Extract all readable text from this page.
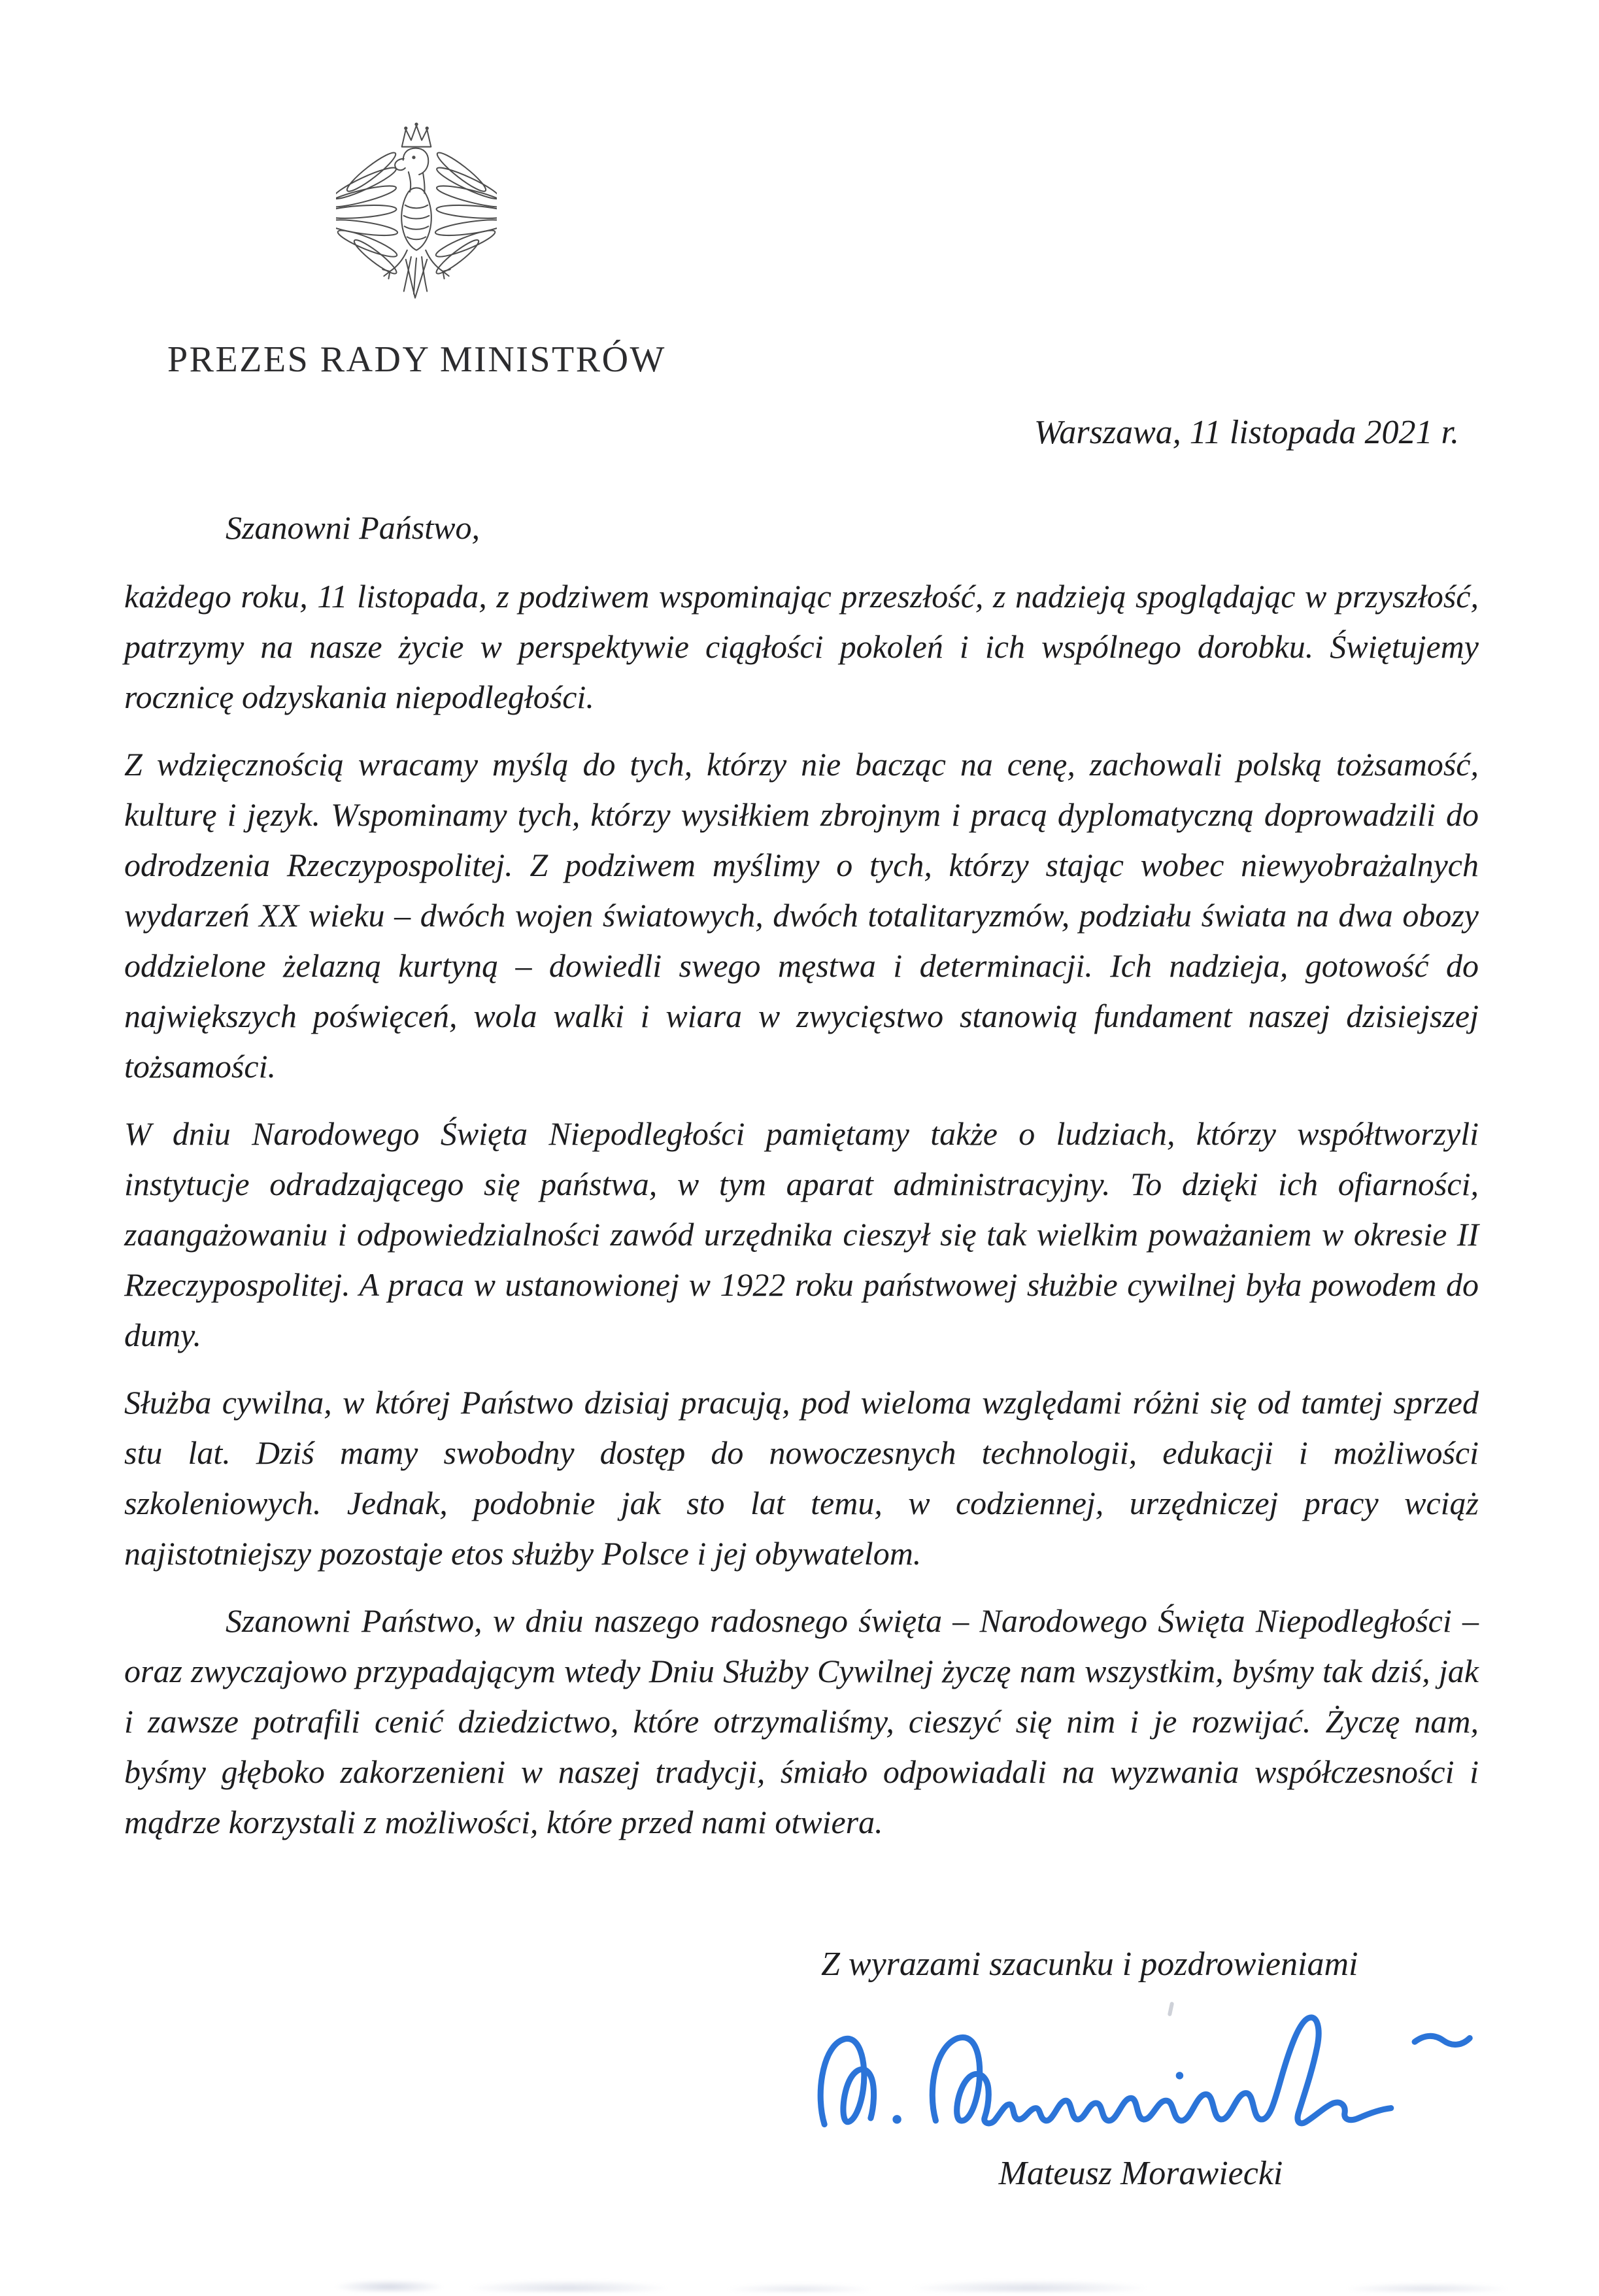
PREZES RADY MINISTRÓW
Warszawa, 11 listopada 2021 r.
Szanowni Państwo,

każdego roku, 11 listopada, z podziwem wspominając przeszłość, z nadzieją spoglądając w przyszłość, patrzymy na nasze życie w perspektywie ciągłości pokoleń i ich wspólnego dorobku. Świętujemy rocznicę odzyskania niepodległości.

Z wdzięcznością wracamy myślą do tych, którzy nie bacząc na cenę, zachowali polską tożsamość, kulturę i język. Wspominamy tych, którzy wysiłkiem zbrojnym i pracą dyplomatyczną doprowadzili do odrodzenia Rzeczypospolitej. Z podziwem myślimy o tych, którzy stając wobec niewyobrażalnych wydarzeń XX wieku – dwóch wojen światowych, dwóch totalitaryzmów, podziału świata na dwa obozy oddzielone żelazną kurtyną – dowiedli swego męstwa i determinacji. Ich nadzieja, gotowość do największych poświęceń, wola walki i wiara w zwycięstwo stanowią fundament naszej dzisiejszej tożsamości.

W dniu Narodowego Święta Niepodległości pamiętamy także o ludziach, którzy współtworzyli instytucje odradzającego się państwa, w tym aparat administracyjny. To dzięki ich ofiarności, zaangażowaniu i odpowiedzialności zawód urzędnika cieszył się tak wielkim poważaniem w okresie II Rzeczypospolitej. A praca w ustanowionej w 1922 roku państwowej służbie cywilnej była powodem do dumy.

Służba cywilna, w której Państwo dzisiaj pracują, pod wieloma względami różni się od tamtej sprzed stu lat. Dziś mamy swobodny dostęp do nowoczesnych technologii, edukacji i możliwości szkoleniowych. Jednak, podobnie jak sto lat temu, w codziennej, urzędniczej pracy wciąż najistotniejszy pozostaje etos służby Polsce i jej obywatelom.

Szanowni Państwo, w dniu naszego radosnego święta – Narodowego Święta Niepodległości – oraz zwyczajowo przypadającym wtedy Dniu Służby Cywilnej życzę nam wszystkim, byśmy tak dziś, jak i zawsze potrafili cenić dziedzictwo, które otrzymaliśmy, cieszyć się nim i je rozwijać. Życzę nam, byśmy głęboko zakorzenieni w naszej tradycji, śmiało odpowiadali na wyzwania współczesności i mądrze korzystali z możliwości, które przed nami otwiera.

Z wyrazami szacunku i pozdrowieniami
Mateusz Morawiecki
